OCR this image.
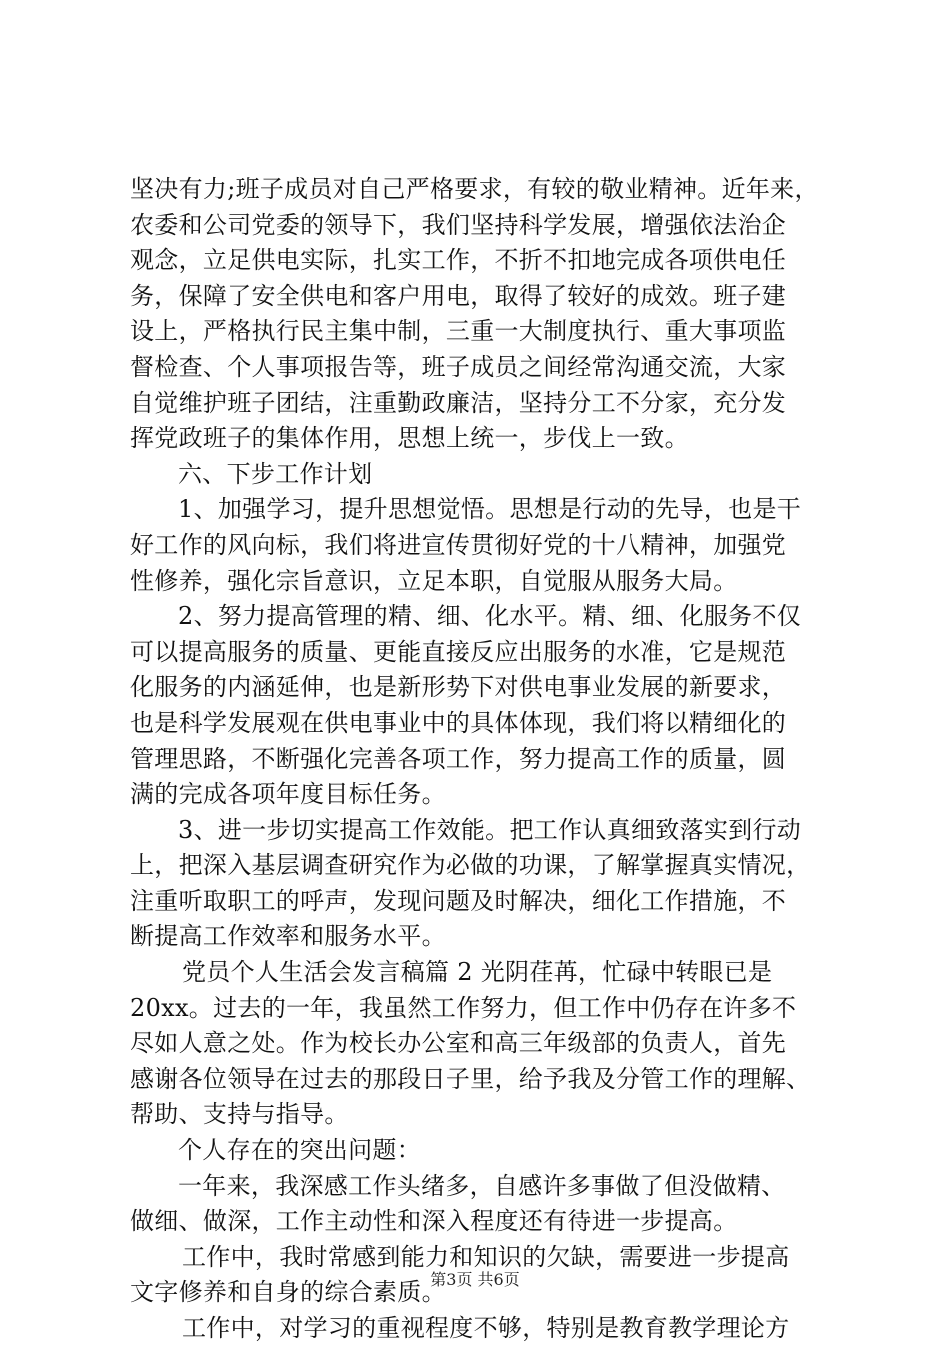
坚决有力;班子成员对自己严格要求，有较的敬业精神。近年来，
农委和公司党委的领导下，我们坚持科学发展，增强依法治企
观念，立足供电实际，扎实工作，不折不扣地完成各项供电任
务，保障了安全供电和客户用电，取得了较好的成效。班子建
设上，严格执行民主集中制，三重一大制度执行、重大事项监
督检查、个人事项报告等，班子成员之间经常沟通交流，大家
自觉维护班子团结，注重勤政廉洁，坚持分工不分家，充分发
挥党政班子的集体作用，思想上统一，步伐上一致。
六、下步工作计划
1、加强学习，提升思想觉悟。思想是行动的先导，也是干
好工作的风向标，我们将进宣传贯彻好党的十八精神，加强党
性修养，强化宗旨意识，立足本职，自觉服从服务大局。
2、努力提高管理的精、细、化水平。精、细、化服务不仅
可以提高服务的质量、更能直接反应出服务的水准，它是规范
化服务的内涵延伸，也是新形势下对供电事业发展的新要求，
也是科学发展观在供电事业中的具体体现，我们将以精细化的
管理思路，不断强化完善各项工作，努力提高工作的质量，圆
满的完成各项年度目标任务。
3、进一步切实提高工作效能。把工作认真细致落实到行动
上，把深入基层调查研究作为必做的功课，了解掌握真实情况，
注重听取职工的呼声，发现问题及时解决，细化工作措施，不
断提高工作效率和服务水平。
党员个人生活会发言稿篇 2 光阴荏苒，忙碌中转眼已是
20xx。过去的一年，我虽然工作努力，但工作中仍存在许多不
尽如人意之处。作为校长办公室和高三年级部的负责人，首先
感谢各位领导在过去的那段日子里，给予我及分管工作的理解、
帮助、支持与指导。
个人存在的突出问题：
一年来，我深感工作头绪多，自感许多事做了但没做精、
做细、做深，工作主动性和深入程度还有待进一步提高。
工作中，我时常感到能力和知识的欠缺，需要进一步提高
文字修养和自身的综合素质。
工作中，对学习的重视程度不够，特别是教育教学理论方
第3页 共6页
